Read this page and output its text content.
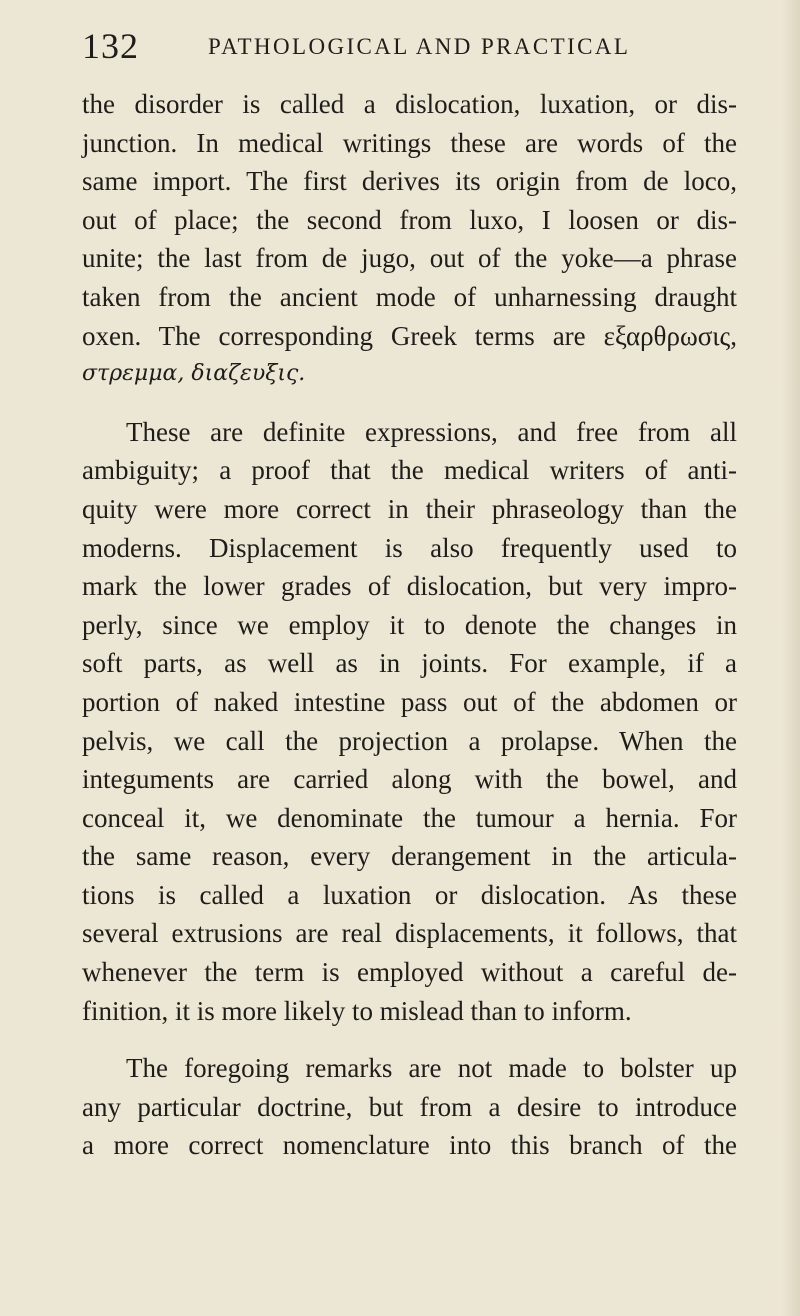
132	PATHOLOGICAL AND PRACTICAL
the disorder is called a dislocation, luxation, or dis-
junction. In medical writings these are words of the
same import. The first derives its origin from de loco,
out of place; the second from luxo, I loosen or dis-
unite; the last from de jugo, out of the yoke—a phrase
taken from the ancient mode of unharnessing draught
oxen. The corresponding Greek terms are εξαρθρωσις,
στρεμμα, διαζευξις.
These are definite expressions, and free from all
ambiguity; a proof that the medical writers of anti-
quity were more correct in their phraseology than the
moderns. Displacement is also frequently used to
mark the lower grades of dislocation, but very impro-
perly, since we employ it to denote the changes in
soft parts, as well as in joints. For example, if a
portion of naked intestine pass out of the abdomen or
pelvis, we call the projection a prolapse. When the
integuments are carried along with the bowel, and
conceal it, we denominate the tumour a hernia. For
the same reason, every derangement in the articula-
tions is called a luxation or dislocation. As these
several extrusions are real displacements, it follows, that
whenever the term is employed without a careful de-
finition, it is more likely to mislead than to inform.
The foregoing remarks are not made to bolster up
any particular doctrine, but from a desire to introduce
a more correct nomenclature into this branch of the
